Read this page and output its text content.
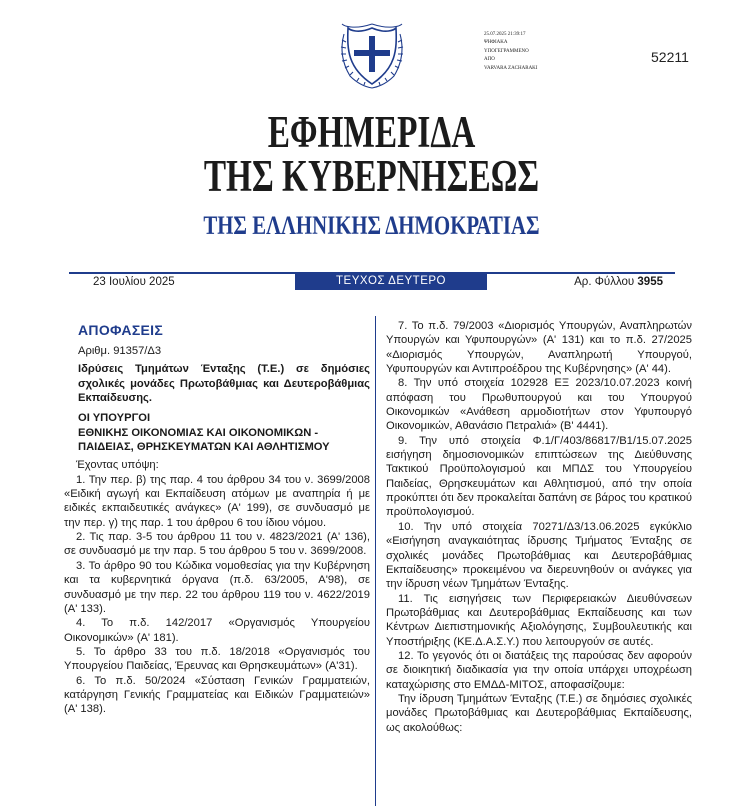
25.07.2025 21:39:17
ΨΗΦΙΑΚΑ
ΥΠΟΓΕΓΡΑΜΜΕΝΟ
ΑΠΟ
VARVARA ZACHARAKI
52211
ΕΦΗΜΕΡΙΔΑ
ΤΗΣ ΚΥΒΕΡΝΗΣΕΩΣ
ΤΗΣ ΕΛΛΗΝΙΚΗΣ ΔΗΜΟΚΡΑΤΙΑΣ
23 Ιουλίου 2025	ΤΕΥΧΟΣ ΔΕΥΤΕΡΟ	Αρ. Φύλλου 3955
ΑΠΟΦΑΣΕΙΣ
Αριθμ. 91357/Δ3
Ιδρύσεις Τμημάτων Ένταξης (Τ.Ε.) σε δημόσιες σχολικές μονάδες Πρωτοβάθμιας και Δευτεροβάθμιας Εκπαίδευσης.
ΟΙ ΥΠΟΥΡΓΟΙ
ΕΘΝΙΚΗΣ ΟΙΚΟΝΟΜΙΑΣ ΚΑΙ ΟΙΚΟΝΟΜΙΚΩΝ -
ΠΑΙΔΕΙΑΣ, ΘΡΗΣΚΕΥΜΑΤΩΝ ΚΑΙ ΑΘΛΗΤΙΣΜΟΥ

Έχοντας υπόψη:

1. Την περ. β) της παρ. 4 του άρθρου 34 του ν. 3699/2008 «Ειδική αγωγή και Εκπαίδευση ατόμων με αναπηρία ή με ειδικές εκπαιδευτικές ανάγκες» (Α' 199), σε συνδυασμό με την περ. γ) της παρ. 1 του άρθρου 6 του ίδιου νόμου.

2. Τις παρ. 3-5 του άρθρου 11 του ν. 4823/2021 (Α' 136), σε συνδυασμό με την παρ. 5 του άρθρου 5 του ν. 3699/2008.

3. Το άρθρο 90 του Κώδικα νομοθεσίας για την Κυβέρνηση και τα κυβερνητικά όργανα (π.δ. 63/2005, Α'98), σε συνδυασμό με την περ. 22 του άρθρου 119 του ν. 4622/2019 (Α' 133).

4. Το π.δ. 142/2017 «Οργανισμός Υπουργείου Οικονομικών» (Α' 181).

5. Το άρθρο 33 του π.δ. 18/2018 «Οργανισμός του Υπουργείου Παιδείας, Έρευνας και Θρησκευμάτων» (Α'31).

6. Το π.δ. 50/2024 «Σύσταση Γενικών Γραμματειών, κατάργηση Γενικής Γραμματείας και Ειδικών Γραμματειών» (Α' 138).

7. Το π.δ. 79/2003 «Διορισμός Υπουργών, Αναπληρωτών Υπουργών και Υφυπουργών» (Α' 131) και το π.δ. 27/2025 «Διορισμός Υπουργών, Αναπληρωτή Υπουργού, Υφυπουργών και Αντιπροέδρου της Κυβέρνησης» (Α' 44).

8. Την υπό στοιχεία 102928 ΕΞ 2023/10.07.2023 κοινή απόφαση του Πρωθυπουργού και του Υπουργού Οικονομικών «Ανάθεση αρμοδιοτήτων στον Υφυπουργό Οικονομικών, Αθανάσιο Πετραλιά» (Β' 4441).

9. Την υπό στοιχεία Φ.1/Γ/403/86817/Β1/15.07.2025 εισήγηση δημοσιονομικών επιπτώσεων της Διεύθυνσης Τακτικού Προϋπολογισμού και ΜΠΔΣ του Υπουργείου Παιδείας, Θρησκευμάτων και Αθλητισμού, από την οποία προκύπτει ότι δεν προκαλείται δαπάνη σε βάρος του κρατικού προϋπολογισμού.

10. Την υπό στοιχεία 70271/Δ3/13.06.2025 εγκύκλιο «Εισήγηση αναγκαιότητας ίδρυσης Τμήματος Ένταξης σε σχολικές μονάδες Πρωτοβάθμιας και Δευτεροβάθμιας Εκπαίδευσης» προκειμένου να διερευνηθούν οι ανάγκες για την ίδρυση νέων Τμημάτων Ένταξης.

11. Τις εισηγήσεις των Περιφερειακών Διευθύνσεων Πρωτοβάθμιας και Δευτεροβάθμιας Εκπαίδευσης και των Κέντρων Διεπιστημονικής Αξιολόγησης, Συμβουλευτικής και Υποστήριξης (ΚΕ.Δ.Α.Σ.Υ.) που λειτουργούν σε αυτές.

12. Το γεγονός ότι οι διατάξεις της παρούσας δεν αφορούν σε διοικητική διαδικασία για την οποία υπάρχει υποχρέωση καταχώρισης στο ΕΜΔΔ-ΜΙΤΟΣ, αποφασίζουμε:

Την ίδρυση Τμημάτων Ένταξης (Τ.Ε.) σε δημόσιες σχολικές μονάδες Πρωτοβάθμιας και Δευτεροβάθμιας Εκπαίδευσης, ως ακολούθως:
